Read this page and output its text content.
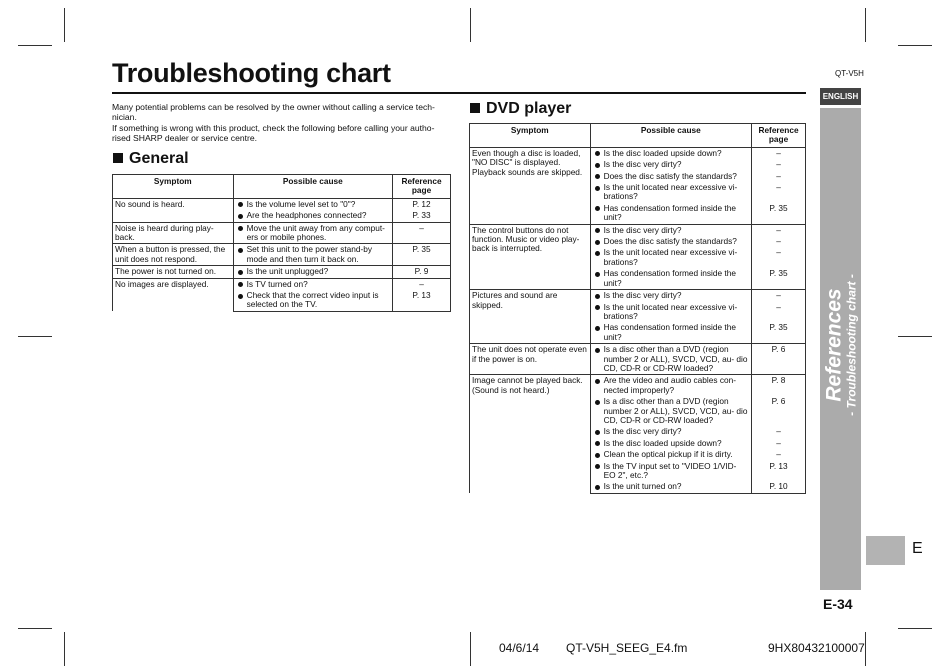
QT-V5H
Troubleshooting chart
ENGLISH
References - Troubleshooting chart -
E
E-34

Many potential problems can be resolved by the owner without calling a service tech- nician.

If something is wrong with this product, check the following before calling your autho- rised SHARP dealer or service centre.

General
Symptom	Possible cause	Reference page
No sound is heard.	Is the volume level set to "0"?	P. 12

	Are the headphones connected?	P. 33
Noise is heard during play- back.	Move the unit away from any comput- ers or mobile phones.	–
When a button is pressed, the unit does not respond.	Set this unit to the power stand-by mode and then turn it back on.	P. 35
The power is not turned on.	Is the unit unplugged?	P. 9
No images are displayed.	Is TV turned on?	–

	Check that the correct video input is selected on the TV.	P. 13
DVD player
Symptom	Possible cause	Reference page
Even though a disc is loaded, "NO DISC" is displayed. Playback sounds are skipped.	Is the disc loaded upside down?	–

	Is the disc very dirty?	–

	Does the disc satisfy the standards?	–

	Is the unit located near excessive vi- brations?	–

	Has condensation formed inside the unit?	P. 35
The control buttons do not function. Music or video play- back is interrupted.	Is the disc very dirty?	–

	Does the disc satisfy the standards?	–

	Is the unit located near excessive vi- brations?	–

	Has condensation formed inside the unit?	P. 35
Pictures and sound are skipped.	Is the disc very dirty?	–

	Is the unit located near excessive vi- brations?	–

	Has condensation formed inside the unit?	P. 35
The unit does not operate even if the power is on.	Is a disc other than a DVD (region number 2 or ALL), SVCD, VCD, au- dio CD, CD-R or CD-RW loaded?	P. 6
Image cannot be played back. (Sound is not heard.)	Are the video and audio cables con- nected improperly?	P. 8

	Is a disc other than a DVD (region number 2 or ALL), SVCD, VCD, au- dio CD, CD-R or CD-RW loaded?	P. 6

	Is the disc very dirty?	–

	Is the disc loaded upside down?	–

	Clean the optical pickup if it is dirty.	–

	Is the TV input set to "VIDEO 1/VID- EO 2", etc.?	P. 13

	Is the unit turned on?	P. 10
04/6/14 QT-V5H_SEEG_E4.fm	9HX80432100007
